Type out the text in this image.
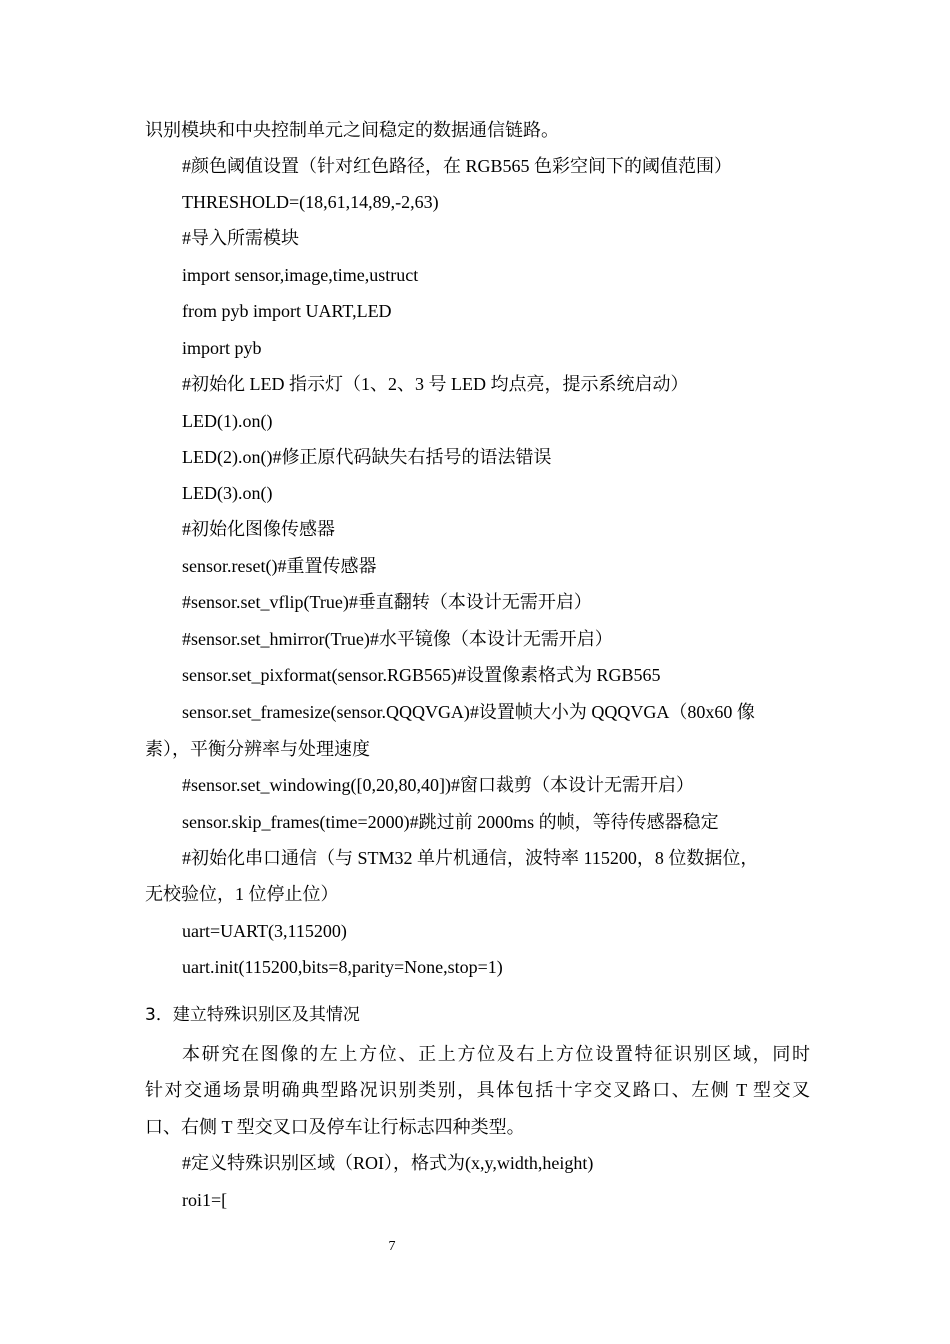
识别模块和中央控制单元之间稳定的数据通信链路。
#颜色阈值设置（针对红色路径，在 RGB565 色彩空间下的阈值范围）
THRESHOLD=(18,61,14,89,-2,63)
#导入所需模块
import sensor,image,time,ustruct
from pyb import UART,LED
import pyb
#初始化 LED 指示灯（1、2、3 号 LED 均点亮，提示系统启动）
LED(1).on()
LED(2).on()#修正原代码缺失右括号的语法错误
LED(3).on()
#初始化图像传感器
sensor.reset()#重置传感器
#sensor.set_vflip(True)#垂直翻转（本设计无需开启）
#sensor.set_hmirror(True)#水平镜像（本设计无需开启）
sensor.set_pixformat(sensor.RGB565)#设置像素格式为 RGB565
sensor.set_framesize(sensor.QQQVGA)#设置帧大小为 QQQVGA（80x60 像
素），平衡分辨率与处理速度
#sensor.set_windowing([0,20,80,40])#窗口裁剪（本设计无需开启）
sensor.skip_frames(time=2000)#跳过前 2000ms 的帧，等待传感器稳定
#初始化串口通信（与 STM32 单片机通信，波特率 115200，8 位数据位，
无校验位，1 位停止位）
uart=UART(3,115200)
uart.init(115200,bits=8,parity=None,stop=1)
3．建立特殊识别区及其情况
本研究在图像的左上方位、正上方位及右上方位设置特征识别区域，同时
针对交通场景明确典型路况识别类别，具体包括十字交叉路口、左侧 T 型交叉
口、右侧 T 型交叉口及停车让行标志四种类型。
#定义特殊识别区域（ROI），格式为(x,y,width,height)
roi1=[
7
